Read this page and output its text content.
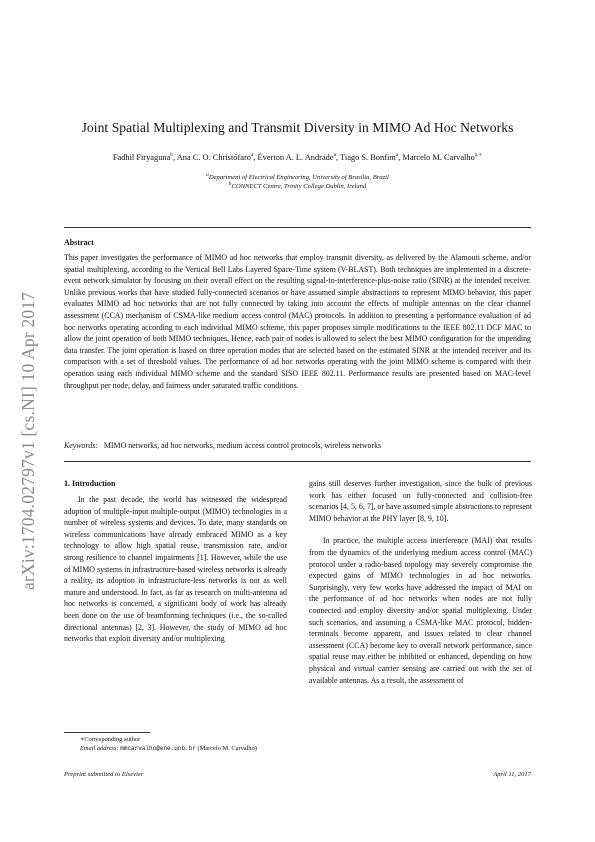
arXiv:1704.02797v1 [cs.NI] 10 Apr 2017
Joint Spatial Multiplexing and Transmit Diversity in MIMO Ad Hoc Networks
Fadhil Firyaguna$^b$, Ana C. O. Christófaro$^a$, Éverton A. L. Andrade$^a$, Tiago S. Bonfim$^a$, Marcelo M. Carvalho$^{a,∗}$
$^a$Department of Electrical Engineering, University of Brasília, Brazil
$^b$CONNECT Centre, Trinity College Dublin, Ireland
Abstract
This paper investigates the performance of MIMO ad hoc networks that employ transmit diversity, as delivered by the Alamouti scheme, and/or spatial multiplexing, according to the Vertical Bell Labs Layered Space-Time system (V-BLAST). Both techniques are implemented in a discrete-event network simulator by focusing on their overall effect on the resulting signal-to-interference-plus-noise ratio (SINR) at the intended receiver. Unlike previous works that have studied fully-connected scenarios or have assumed simple abstractions to represent MIMO behavior, this paper evaluates MIMO ad hoc networks that are not fully connected by taking into account the effects of multiple antennas on the clear channel assessment (CCA) mechanism of CSMA-like medium access control (MAC) protocols. In addition to presenting a performance evaluation of ad hoc networks operating according to each individual MIMO scheme, this paper proposes simple modifications to the IEEE 802.11 DCF MAC to allow the joint operation of both MIMO techniques. Hence, each pair of nodes is allowed to select the best MIMO configuration for the impending data transfer. The joint operation is based on three operation modes that are selected based on the estimated SINR at the intended receiver and its comparison with a set of threshold values. The performance of ad hoc networks operating with the joint MIMO scheme is compared with their operation using each individual MIMO scheme and the standard SISO IEEE 802.11. Performance results are presented based on MAC-level throughput per node, delay, and fairness under saturated traffic conditions.
Keywords: MIMO networks, ad hoc networks, medium access control protocols, wireless networks
1. Introduction

In the past decade, the world has witnessed the widespread adoption of multiple-input multiple-output (MIMO) technologies in a number of wireless systems and devices. To date, many standards on wireless communications have already embraced MIMO as a key technology to allow high spatial reuse, transmission rate, and/or strong resilience to channel impairments [1]. However, while the use of MIMO systems in infrastructure-based wireless networks is already a reality, its adoption in infrastructure-less networks is not as well mature and understood. In fact, as far as research on multi-antenna ad hoc networks is concerned, a significant body of work has already been done on the use of beamforming techniques (i.e., the so-called directional antennas) [2, 3]. However, the study of MIMO ad hoc networks that exploit diversity and/or multiplexing

gains still deserves further investigation, since the bulk of previous work has either focused on fully-connected and collision-free scenarios [4, 5, 6, 7], or have assumed simple abstractions to represent MIMO behavior at the PHY layer [8, 9, 10].

In practice, the multiple access interference (MAI) that results from the dynamics of the underlying medium access control (MAC) protocol under a radio-based topology may severely compromise the expected gains of MIMO technologies in ad hoc networks. Surprisingly, very few works have addressed the impact of MAI on the performance of ad hoc networks when nodes are not fully connected and employ diversity and/or spatial multiplexing. Under such scenarios, and assuming a CSMA-like MAC protocol, hidden-terminals become apparent, and issues related to clear channel assessment (CCA) become key to overall network performance, since spatial reuse may either be inhibited or enhanced, depending on how physical and virtual carrier sensing are carried out with the set of available antennas. As a result, the assessment of

∗Corresponding author
Email address: mmcarvalho@ene.unb.br (Marcelo M. Carvalho)
Preprint submitted to Elsevier	April 11, 2017
